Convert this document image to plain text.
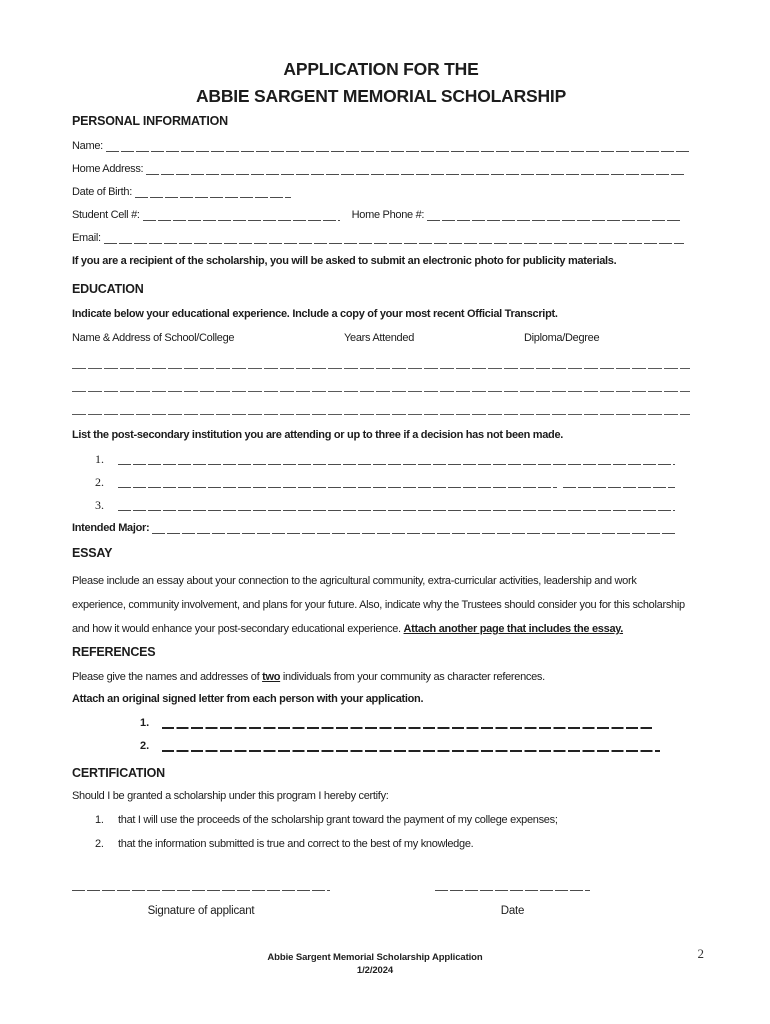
APPLICATION FOR THE
ABBIE SARGENT MEMORIAL SCHOLARSHIP
PERSONAL INFORMATION
Name:
Home Address:
Date of Birth:
Student Cell #:	Home Phone #:
Email:
If you are a recipient of the scholarship, you will be asked to submit an electronic photo for publicity materials.
EDUCATION
Indicate below your educational experience. Include a copy of your most recent Official Transcript.
Name & Address of School/College	Years Attended	Diploma/Degree
List the post-secondary institution you are attending or up to three if a decision has not been made.
1.
2.
3.
Intended Major:
ESSAY

Please include an essay about your connection to the agricultural community, extra-curricular activities, leadership and work experience, community involvement, and plans for your future. Also, indicate why the Trustees should consider you for this scholarship and how it would enhance your post-secondary educational experience. Attach another page that includes the essay.

REFERENCES
Please give the names and addresses of two individuals from your community as character references.
Attach an original signed letter from each person with your application.
1.
2.
CERTIFICATION
Should I be granted a scholarship under this program I hereby certify:
1.	that I will use the proceeds of the scholarship grant toward the payment of my college expenses;
2.	that the information submitted is true and correct to the best of my knowledge.
Signature of applicant	Date
Abbie Sargent Memorial Scholarship Application
1/2/2024
2
